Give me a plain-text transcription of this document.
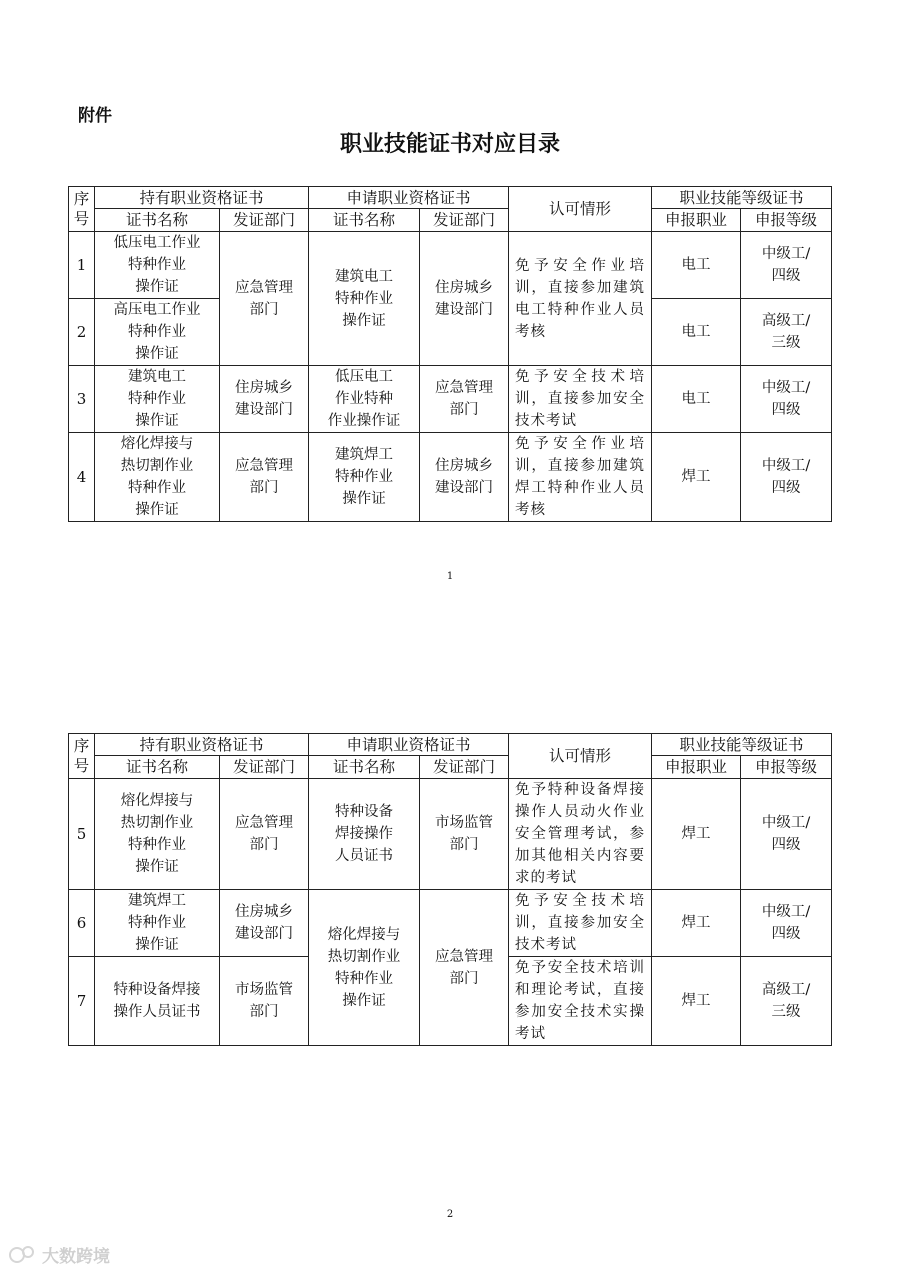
附件
职业技能证书对应目录
序
号	持有职业资格证书		申请职业资格证书		认可情形	职业技能等级证书	
	证书名称	发证部门	证书名称	发证部门		申报职业	申报等级
1	低压电工作业
特种作业
操作证	应急管理
部门	建筑电工
特种作业
操作证	住房城乡
建设部门	免予安全作业培训，直接参加建筑电工特种作业人员考核	电工	中级工/
四级
2	高压电工作业
特种作业
操作证					电工	高级工/
三级
3	建筑电工
特种作业
操作证	住房城乡
建设部门	低压电工
作业特种
作业操作证	应急管理
部门	免予安全技术培训，直接参加安全技术考试	电工	中级工/
四级
4	熔化焊接与
热切割作业
特种作业
操作证	应急管理
部门	建筑焊工
特种作业
操作证	住房城乡
建设部门	免予安全作业培训，直接参加建筑焊工特种作业人员考核	焊工	中级工/
四级
1
序
号	持有职业资格证书		申请职业资格证书		认可情形	职业技能等级证书	
	证书名称	发证部门	证书名称	发证部门		申报职业	申报等级
5	熔化焊接与
热切割作业
特种作业
操作证	应急管理
部门	特种设备
焊接操作
人员证书	市场监管
部门	免予特种设备焊接操作人员动火作业安全管理考试，参加其他相关内容要求的考试	焊工	中级工/
四级
6	建筑焊工
特种作业
操作证	住房城乡
建设部门	熔化焊接与
热切割作业
特种作业
操作证	应急管理
部门	免予安全技术培训，直接参加安全技术考试	焊工	中级工/
四级
7	特种设备焊接
操作人员证书	市场监管
部门			免予安全技术培训和理论考试，直接参加安全技术实操考试	焊工	高级工/
三级
2
大数跨境
